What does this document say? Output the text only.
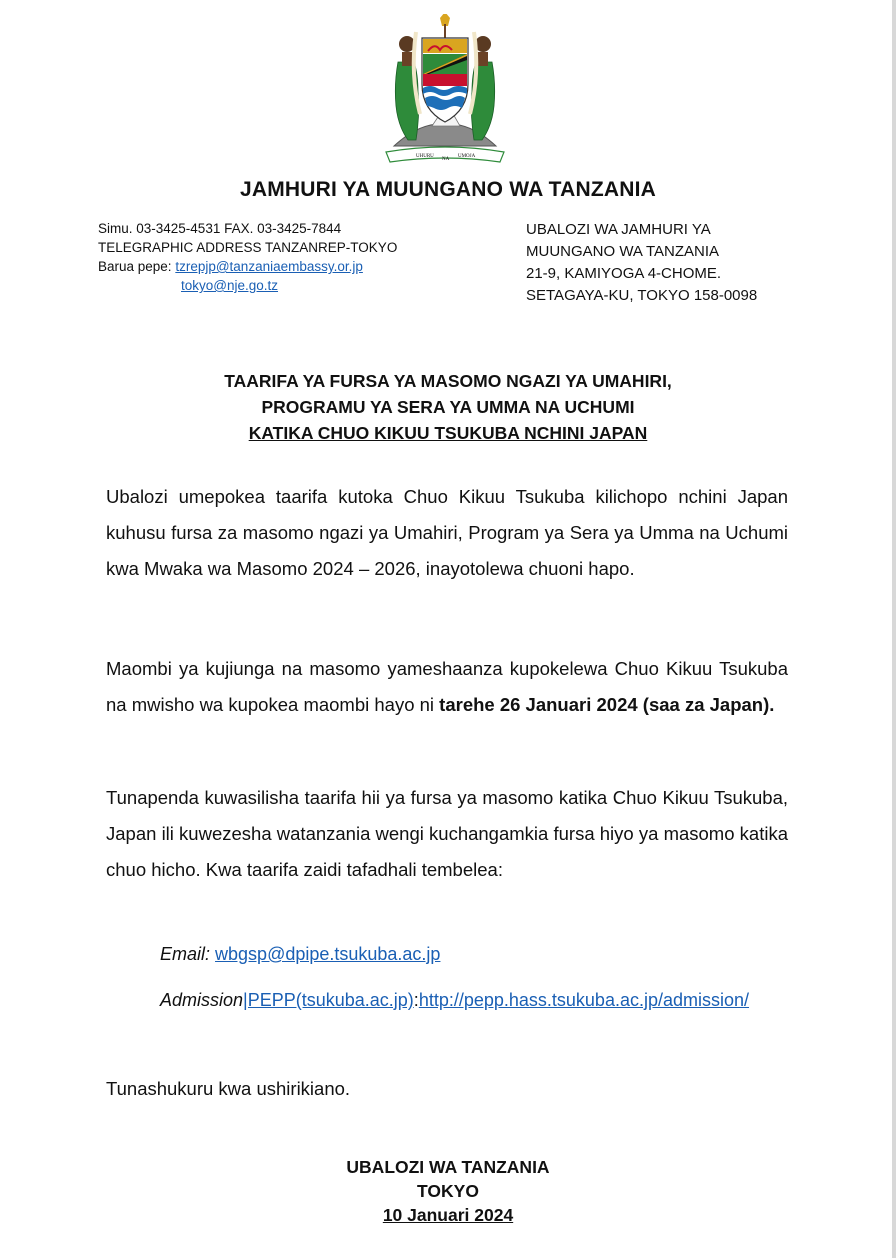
UHURU
NA
UMOJA
JAMHURI YA MUUNGANO WA TANZANIA
Simu. 03-3425-4531 FAX. 03-3425-7844
TELEGRAPHIC ADDRESS TANZANREP-TOKYO
Barua pepe: tzrepjp@tanzaniaembassy.or.jp
tokyo@nje.go.tz
UBALOZI WA JAMHURI YA
MUUNGANO WA TANZANIA
21-9, KAMIYOGA 4-CHOME.
SETAGAYA-KU, TOKYO 158-0098
TAARIFA YA FURSA YA MASOMO NGAZI YA UMAHIRI,
PROGRAMU YA SERA YA UMMA NA UCHUMI
KATIKA CHUO KIKUU TSUKUBA NCHINI JAPAN
Ubalozi umepokea taarifa kutoka Chuo Kikuu Tsukuba kilichopo nchini Japan kuhusu fursa za masomo ngazi ya Umahiri, Program ya Sera ya Umma na Uchumi kwa Mwaka wa Masomo 2024 – 2026, inayotolewa chuoni hapo.
Maombi ya kujiunga na masomo yameshaanza kupokelewa Chuo Kikuu Tsukuba na mwisho wa kupokea maombi hayo ni tarehe 26 Januari 2024 (saa za Japan).
Tunapenda kuwasilisha taarifa hii ya fursa ya masomo katika Chuo Kikuu Tsukuba, Japan ili kuwezesha watanzania wengi kuchangamkia fursa hiyo ya masomo katika chuo hicho. Kwa taarifa zaidi tafadhali tembelea:
Email: wbgsp@dpipe.tsukuba.ac.jp
Admission|PEPP(tsukuba.ac.jp):http://pepp.hass.tsukuba.ac.jp/admission/
Tunashukuru kwa ushirikiano.
UBALOZI WA TANZANIA
TOKYO
10 Januari 2024
